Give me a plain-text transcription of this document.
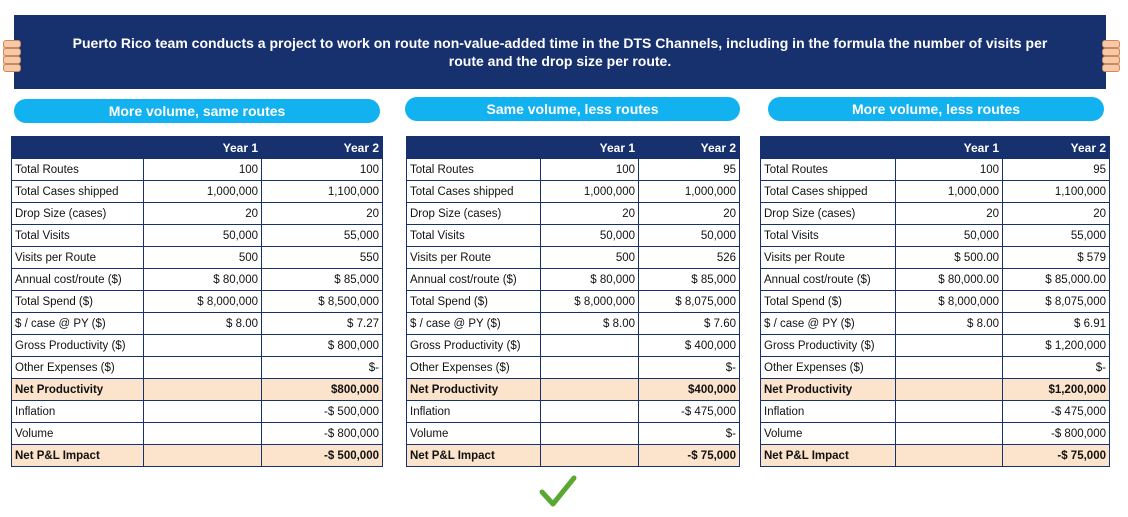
Puerto Rico team conducts a project to work on route non-value-added time in the DTS Channels, including in the formula the number of visits per route and the drop size per route.
More volume, same routes	Same volume, less routes	More volume, less routes
	Year 1	Year 2
Total Routes	100	100
Total Cases shipped	1,000,000	1,100,000
Drop Size (cases)	20	20
Total Visits	50,000	55,000
Visits per Route	500	550
Annual cost/route ($)	$ 80,000	$ 85,000
Total Spend ($)	$ 8,000,000	$ 8,500,000
$ / case @ PY ($)	$ 8.00	$ 7.27
Gross Productivity ($)		$ 800,000
Other Expenses ($)		$-
Net Productivity		$800,000
Inflation		-$ 500,000
Volume		-$ 800,000
Net P&L Impact		-$ 500,000
	Year 1	Year 2
Total Routes	100	95
Total Cases shipped	1,000,000	1,000,000
Drop Size (cases)	20	20
Total Visits	50,000	50,000
Visits per Route	500	526
Annual cost/route ($)	$ 80,000	$ 85,000
Total Spend ($)	$ 8,000,000	$ 8,075,000
$ / case @ PY ($)	$ 8.00	$ 7.60
Gross Productivity ($)		$ 400,000
Other Expenses ($)		$-
Net Productivity		$400,000
Inflation		-$ 475,000
Volume		$-
Net P&L Impact		-$ 75,000
	Year 1	Year 2
Total Routes	100	95
Total Cases shipped	1,000,000	1,100,000
Drop Size (cases)	20	20
Total Visits	50,000	55,000
Visits per Route	$ 500.00	$ 579
Annual cost/route ($)	$ 80,000.00	$ 85,000.00
Total Spend ($)	$ 8,000,000	$ 8,075,000
$ / case @ PY ($)	$ 8.00	$ 6.91
Gross Productivity ($)		$ 1,200,000
Other Expenses ($)		$-
Net Productivity		$1,200,000
Inflation		-$ 475,000
Volume		-$ 800,000
Net P&L Impact		-$ 75,000
